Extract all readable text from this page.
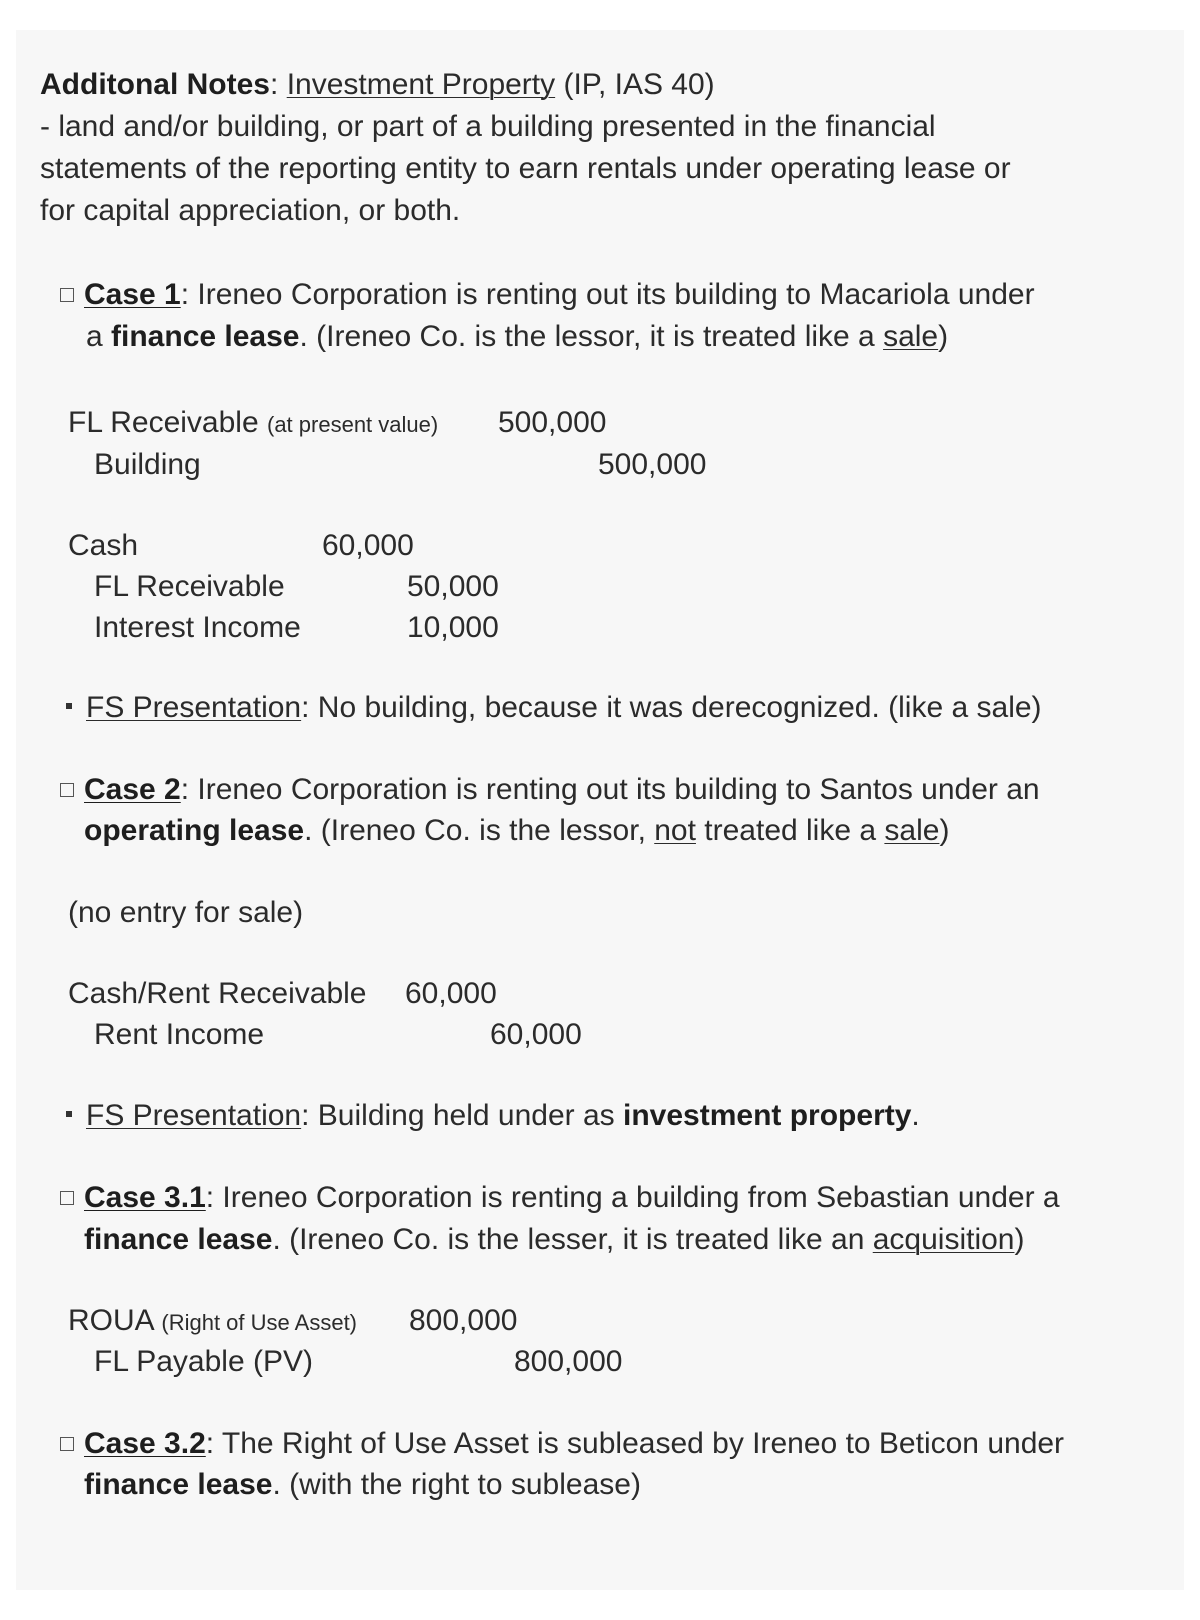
Additonal Notes: Investment Property (IP, IAS 40)
- land and/or building, or part of a building presented in the financial
statements of the reporting entity to earn rentals under operating lease or
for capital appreciation, or both.
Case 1: Ireneo Corporation is renting out its building to Macariola under
a finance lease. (Ireneo Co. is the lessor, it is treated like a sale)
FL Receivable (at present value) 500,000
Building	500,000
Cash	60,000
FL Receivable	50,000
Interest Income	10,000
FS Presentation: No building, because it was derecognized. (like a sale)
Case 2: Ireneo Corporation is renting out its building to Santos under an
operating lease. (Ireneo Co. is the lessor, not treated like a sale)
(no entry for sale)
Cash/Rent Receivable 60,000
Rent Income	60,000
FS Presentation: Building held under as investment property.
Case 3.1: Ireneo Corporation is renting a building from Sebastian under a
finance lease. (Ireneo Co. is the lesser, it is treated like an acquisition)
ROUA (Right of Use Asset) 800,000
FL Payable (PV)	800,000
Case 3.2: The Right of Use Asset is subleased by Ireneo to Beticon under
finance lease. (with the right to sublease)
